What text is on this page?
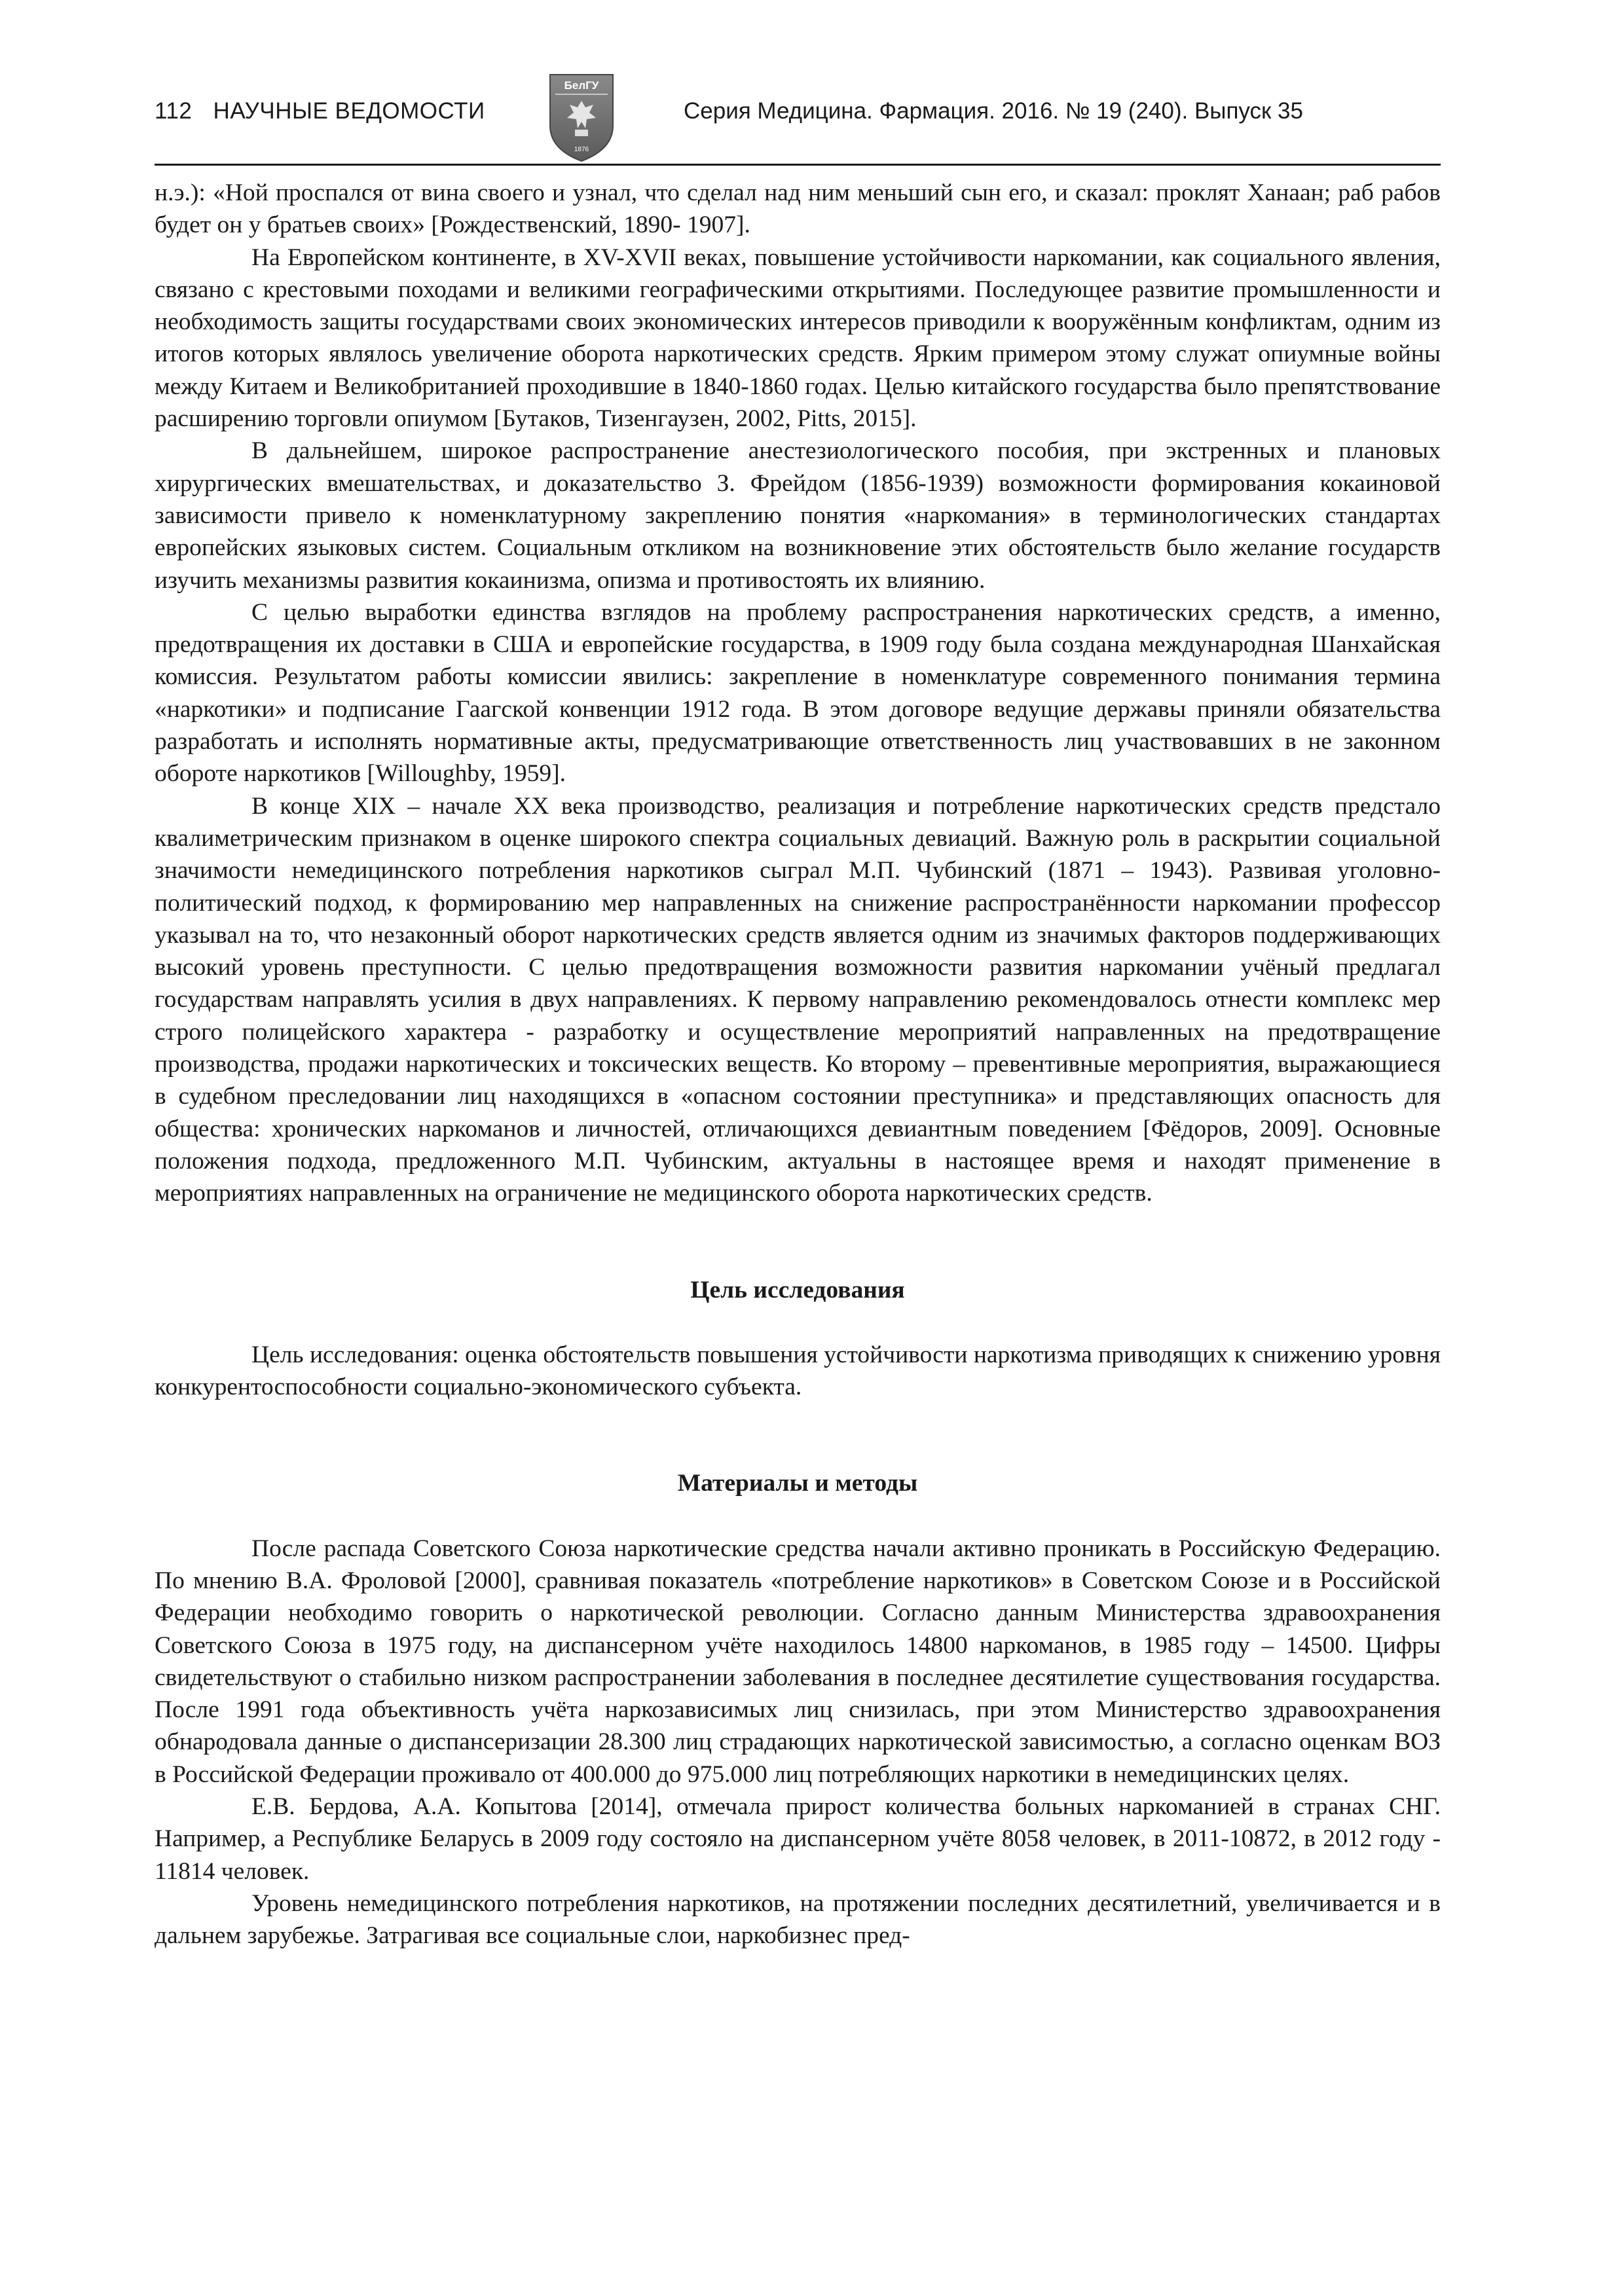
112 НАУЧНЫЕ ВЕДОМОСТИ
БелГУ
1876
Серия Медицина. Фармация. 2016. № 19 (240). Выпуск 35

н.э.): «Ной проспался от вина своего и узнал, что сделал над ним меньший сын его, и сказал: проклят Ханаан; раб рабов будет он у братьев своих» [Рождественский, 1890- 1907].

На Европейском континенте, в XV-XVII веках, повышение устойчивости наркомании, как социального явления, связано с крестовыми походами и великими географическими открытиями. Последующее развитие промышленности и необходимость защиты государствами своих экономических интересов приводили к вооружённым конфликтам, одним из итогов которых являлось увеличение оборота наркотических средств. Ярким примером этому служат опиумные войны между Китаем и Великобританией проходившие в 1840-1860 годах. Целью китайского государства было препятствование расширению торговли опиумом [Бутаков, Тизенгаузен, 2002, Pitts, 2015].

В дальнейшем, широкое распространение анестезиологического пособия, при экстренных и плановых хирургических вмешательствах, и доказательство З. Фрейдом (1856-1939) возможности формирования кокаиновой зависимости привело к номенклатурному закреплению понятия «наркомания» в терминологических стандартах европейских языковых систем. Социальным откликом на возникновение этих обстоятельств было желание государств изучить механизмы развития кокаинизма, опизма и противостоять их влиянию.

С целью выработки единства взглядов на проблему распространения наркотических средств, а именно, предотвращения их доставки в США и европейские государства, в 1909 году была создана международная Шанхайская комиссия. Результатом работы комиссии явились: закрепление в номенклатуре современного понимания термина «наркотики» и подписание Гаагской конвенции 1912 года. В этом договоре ведущие державы приняли обязательства разработать и исполнять нормативные акты, предусматривающие ответственность лиц участвовавших в не законном обороте наркотиков [Willoughby, 1959].

В конце XIX – начале XX века производство, реализация и потребление наркотических средств предстало квалиметрическим признаком в оценке широкого спектра социальных девиаций. Важную роль в раскрытии социальной значимости немедицинского потребления наркотиков сыграл М.П. Чубинский (1871 – 1943). Развивая уголовно-политический подход, к формированию мер направленных на снижение распространённости наркомании профессор указывал на то, что незаконный оборот наркотических средств является одним из значимых факторов поддерживающих высокий уровень преступности. С целью предотвращения возможности развития наркомании учёный предлагал государствам направлять усилия в двух направлениях. К первому направлению рекомендовалось отнести комплекс мер строго полицейского характера - разработку и осуществление мероприятий направленных на предотвращение производства, продажи наркотических и токсических веществ. Ко второму – превентивные мероприятия, выражающиеся в судебном преследовании лиц находящихся в «опасном состоянии преступника» и представляющих опасность для общества: хронических наркоманов и личностей, отличающихся девиантным поведением [Фёдоров, 2009]. Основные положения подхода, предложенного М.П. Чубинским, актуальны в настоящее время и находят применение в мероприятиях направленных на ограничение не медицинского оборота наркотических средств.

Цель исследования

Цель исследования: оценка обстоятельств повышения устойчивости наркотизма приводящих к снижению уровня конкурентоспособности социально-экономического субъекта.

Материалы и методы

После распада Советского Союза наркотические средства начали активно проникать в Российскую Федерацию. По мнению В.А. Фроловой [2000], сравнивая показатель «потребление наркотиков» в Советском Союзе и в Российской Федерации необходимо говорить о наркотической революции. Согласно данным Министерства здравоохранения Советского Союза в 1975 году, на диспансерном учёте находилось 14800 наркоманов, в 1985 году – 14500. Цифры свидетельствуют о стабильно низком распространении заболевания в последнее десятилетие существования государства. После 1991 года объективность учёта наркозависимых лиц снизилась, при этом Министерство здравоохранения обнародовала данные о диспансеризации 28.300 лиц страдающих наркотической зависимостью, а согласно оценкам ВОЗ в Российской Федерации проживало от 400.000 до 975.000 лиц потребляющих наркотики в немедицинских целях.

Е.В. Бердова, А.А. Копытова [2014], отмечала прирост количества больных наркоманией в странах СНГ. Например, а Республике Беларусь в 2009 году состояло на диспансерном учёте 8058 человек, в 2011-10872, в 2012 году - 11814 человек.

Уровень немедицинского потребления наркотиков, на протяжении последних десятилетний, увеличивается и в дальнем зарубежье. Затрагивая все социальные слои, наркобизнес пред-
